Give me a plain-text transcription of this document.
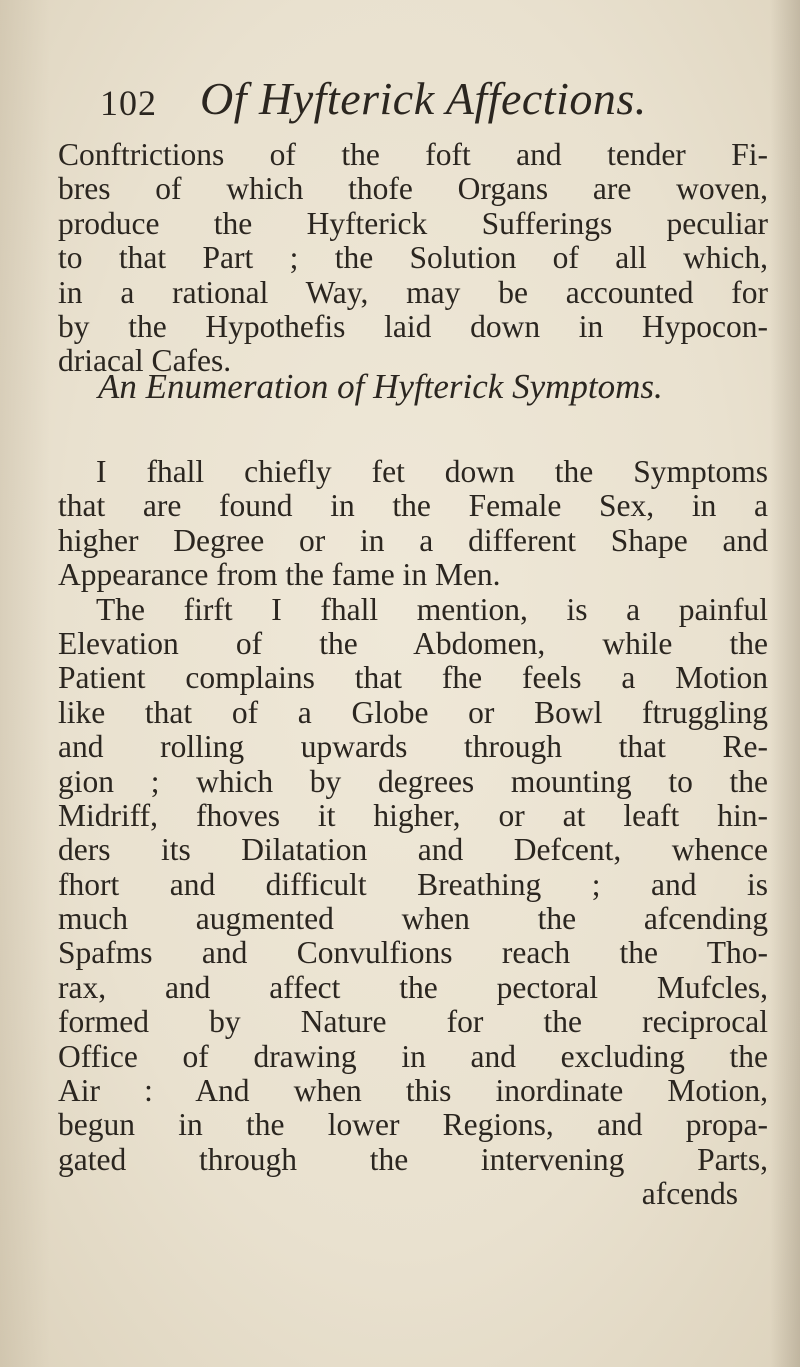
102 Of Hyfterick Affections.
Conftrictions of the foft and tender Fi-
bres of which thofe Organs are woven,
produce the Hyfterick Sufferings peculiar
to that Part ; the Solution of all which,
in a rational Way, may be accounted for
by the Hypothefis laid down in Hypocon-
driacal Cafes.
An Enumeration of Hyfterick Symptoms.
I fhall chiefly fet down the Symptoms
that are found in the Female Sex, in a
higher Degree or in a different Shape and
Appearance from the fame in Men.
The firft I fhall mention, is a painful
Elevation of the Abdomen, while the
Patient complains that fhe feels a Motion
like that of a Globe or Bowl ftruggling
and rolling upwards through that Re-
gion ; which by degrees mounting to the
Midriff, fhoves it higher, or at leaft hin-
ders its Dilatation and Defcent, whence
fhort and difficult Breathing ; and is
much augmented when the afcending
Spafms and Convulfions reach the Tho-
rax, and affect the pectoral Mufcles,
formed by Nature for the reciprocal
Office of drawing in and excluding the
Air : And when this inordinate Motion,
begun in the lower Regions, and propa-
gated through the intervening Parts,
afcends
